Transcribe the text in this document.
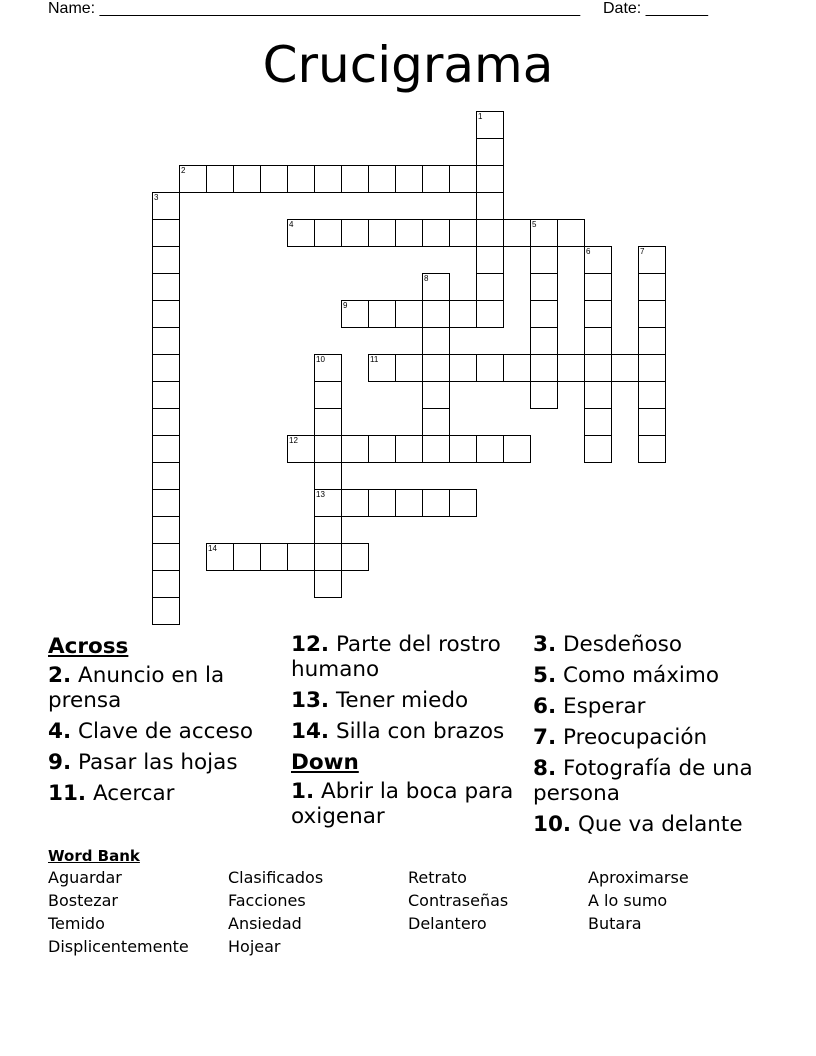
Name: ______________________________________________________ Date: _______
Crucigrama
1
2
3
4	5
6	7
8
9
10	11
12
13
14
Across
2. Anuncio en la prensa
4. Clave de acceso
9. Pasar las hojas
11. Acercar
12. Parte del rostro humano
13. Tener miedo
14. Silla con brazos
Down
1. Abrir la boca para oxigenar
3. Desdeñoso
5. Como máximo
6. Esperar
7. Preocupación
8. Fotografía de una persona
10. Que va delante
Word Bank
Aguardar	Clasificados	Retrato	Aproximarse
Bostezar	Facciones	Contraseñas	A lo sumo
Temido	Ansiedad	Delantero	Butara
Displicentemente	Hojear
